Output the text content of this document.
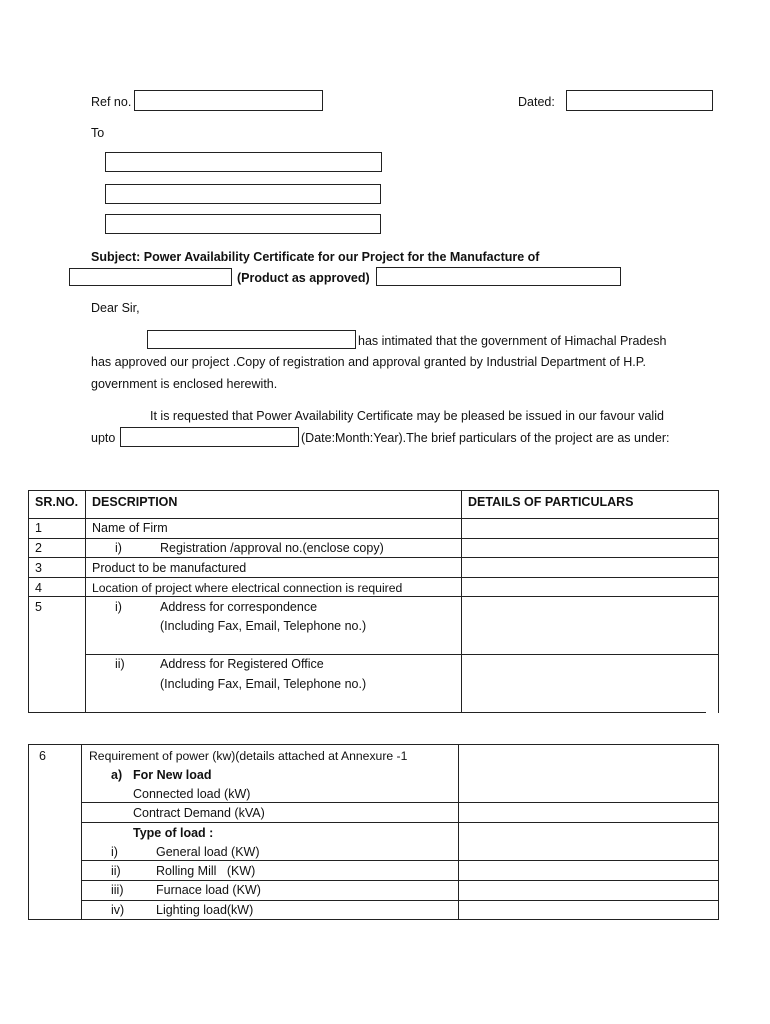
Ref no.	Dated:
To
Subject: Power Availability Certificate for our Project for the Manufacture of
(Product as approved)
Dear Sir,
has intimated that the government of Himachal Pradesh
has approved our project .Copy of registration and approval granted by Industrial Department of H.P.
government is enclosed herewith.
It is requested that Power Availability Certificate may be pleased be issued in our favour valid
upto	(Date:Month:Year).The brief particulars of the project are as under:
SR.NO. DESCRIPTION	DETAILS OF PARTICULARS
1	Name of Firm
2	i)	Registration /approval no.(enclose copy)
3	Product to be manufactured
4	Location of project where electrical connection is required
5	i)	Address for correspondence
(Including Fax, Email, Telephone no.)
ii)	Address for Registered Office
(Including Fax, Email, Telephone no.)
6	Requirement of power (kw)(details attached at Annexure -1
a) For New load
Connected load (kW)
Contract Demand (kVA)
Type of load :
i)	General load (KW)
ii)	Rolling Mill   (KW)
iii)	Furnace load (KW)
iv)	Lighting load(kW)
